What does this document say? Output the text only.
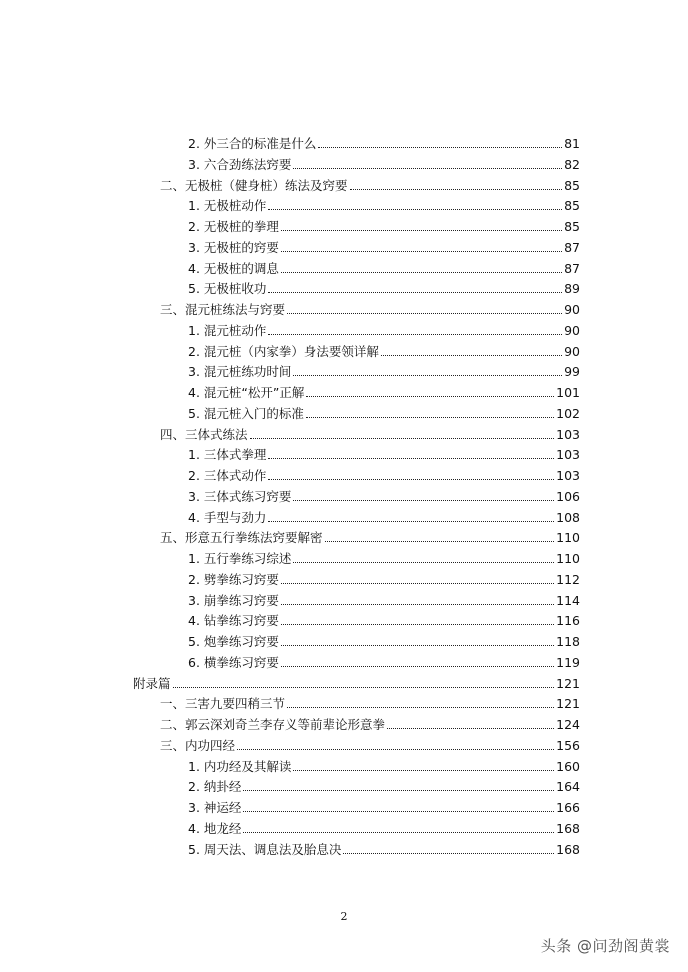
2. 外三合的标准是什么	81
3. 六合劲练法窍要	82
二、无极桩（健身桩）练法及窍要	85
1. 无极桩动作	85
2. 无极桩的拳理	85
3. 无极桩的窍要	87
4. 无极桩的调息	87
5. 无极桩收功	89
三、混元桩练法与窍要	90
1. 混元桩动作	90
2. 混元桩（内家拳）身法要领详解	90
3. 混元桩练功时间	99
4. 混元桩“松开”正解	101
5. 混元桩入门的标准	102
四、三体式练法	103
1. 三体式拳理	103
2. 三体式动作	103
3. 三体式练习窍要	106
4. 手型与劲力	108
五、形意五行拳练法窍要解密	110
1. 五行拳练习综述	110
2. 劈拳练习窍要	112
3. 崩拳练习窍要	114
4. 钻拳练习窍要	116
5. 炮拳练习窍要	118
6. 横拳练习窍要	119
附录篇	121
一、三害九要四稍三节	121
二、郭云深刘奇兰李存义等前辈论形意拳	124
三、内功四经	156
1. 内功经及其解读	160
2. 纳卦经	164
3. 神运经	166
4. 地龙经	168
5. 周天法、调息法及胎息决	168
2
头条 @问劲阁黄裳
